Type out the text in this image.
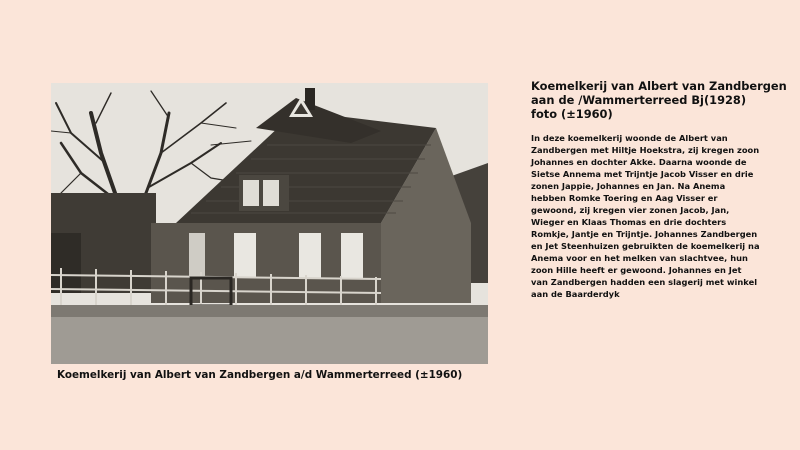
Koemelkerij van Albert van Zandbergen a/d Wammerterreed (±1960)
Koemelkerij van Albert van Zandbergen
aan de /Wammerterreed Bj(1928)
foto (±1960)
In deze koemelkerij woonde de Albert van
Zandbergen met Hiltje Hoekstra, zij kregen zoon
Johannes en dochter Akke. Daarna woonde de
Sietse Annema met Trijntje Jacob Visser en drie
zonen Jappie, Johannes en Jan. Na Anema
hebben Romke Toering en Aag Visser er
gewoond, zij kregen vier zonen Jacob, Jan,
Wieger en Klaas Thomas en drie dochters
Romkje, Jantje en Trijntje. Johannes Zandbergen
en Jet Steenhuizen gebruikten de koemelkerij na
Anema voor en het melken van slachtvee, hun
zoon Hille heeft er gewoond. Johannes en Jet
van Zandbergen hadden een slagerij met winkel
aan de Baarderdyk
